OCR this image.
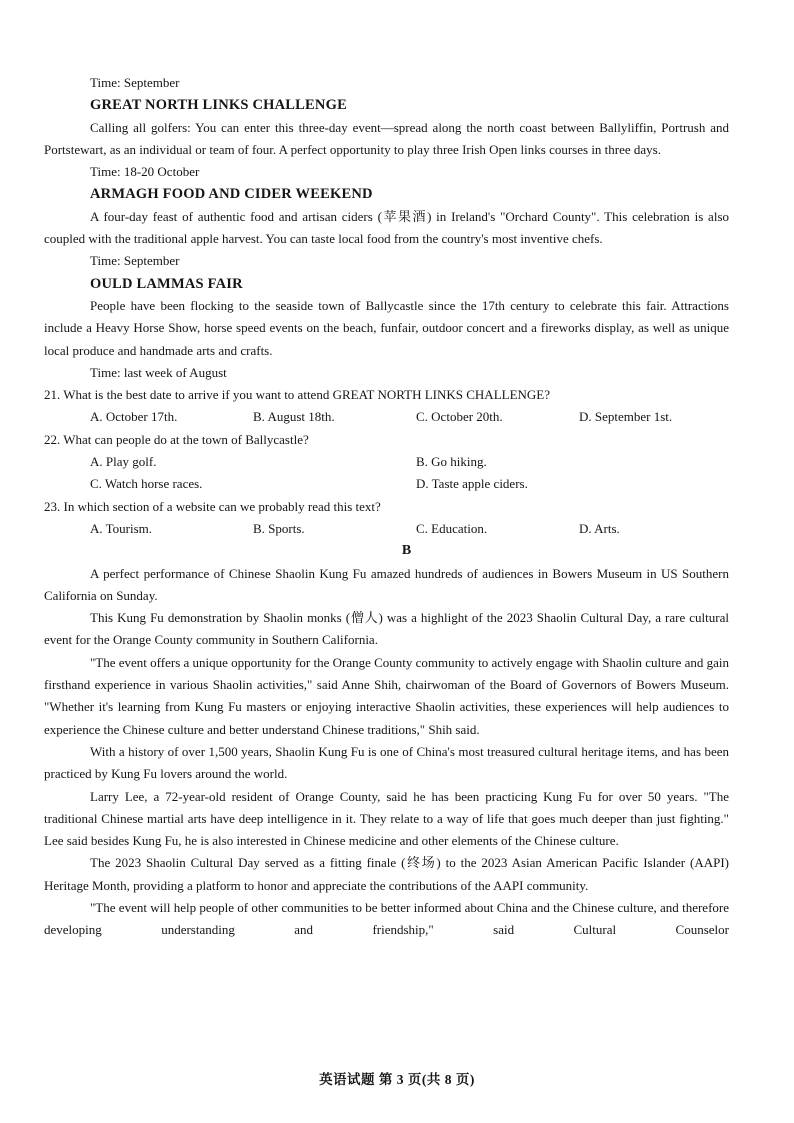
Time: September

GREAT NORTH LINKS CHALLENGE

Calling all golfers: You can enter this three-day event—spread along the north coast between Ballyliffin, Portrush and Portstewart, as an individual or team of four. A perfect opportunity to play three Irish Open links courses in three days.

Time: 18-20 October

ARMAGH FOOD AND CIDER WEEKEND

A four-day feast of authentic food and artisan ciders (苹果酒) in Ireland's "Orchard County". This celebration is also coupled with the traditional apple harvest. You can taste local food from the country's most inventive chefs.

Time: September

OULD LAMMAS FAIR

People have been flocking to the seaside town of Ballycastle since the 17th century to celebrate this fair. Attractions include a Heavy Horse Show, horse speed events on the beach, funfair, outdoor concert and a fireworks display, as well as unique local produce and handmade arts and crafts.

Time: last week of August

21. What is the best date to arrive if you want to attend GREAT NORTH LINKS CHALLENGE?

A. October 17th.	B. August 18th.	C. October 20th.	D. September 1st.

22. What can people do at the town of Ballycastle?

A. Play golf.	B. Go hiking.
C. Watch horse races.	D. Taste apple ciders.

23. In which section of a website can we probably read this text?

A. Tourism.	B. Sports.	C. Education.	D. Arts.

B

A perfect performance of Chinese Shaolin Kung Fu amazed hundreds of audiences in Bowers Museum in US Southern California on Sunday.

This Kung Fu demonstration by Shaolin monks (僧人) was a highlight of the 2023 Shaolin Cultural Day, a rare cultural event for the Orange County community in Southern California.

"The event offers a unique opportunity for the Orange County community to actively engage with Shaolin culture and gain firsthand experience in various Shaolin activities," said Anne Shih, chairwoman of the Board of Governors of Bowers Museum. "Whether it's learning from Kung Fu masters or enjoying interactive Shaolin activities, these experiences will help audiences to experience the Chinese culture and better understand Chinese traditions," Shih said.

With a history of over 1,500 years, Shaolin Kung Fu is one of China's most treasured cultural heritage items, and has been practiced by Kung Fu lovers around the world.

Larry Lee, a 72-year-old resident of Orange County, said he has been practicing Kung Fu for over 50 years. "The traditional Chinese martial arts have deep intelligence in it. They relate to a way of life that goes much deeper than just fighting." Lee said besides Kung Fu, he is also interested in Chinese medicine and other elements of the Chinese culture.

The 2023 Shaolin Cultural Day served as a fitting finale (终场) to the 2023 Asian American Pacific Islander (AAPI) Heritage Month, providing a platform to honor and appreciate the contributions of the AAPI community.

"The event will help people of other communities to be better informed about China and the Chinese culture, and therefore developing understanding and friendship," said Cultural Counselor

英语试题 第 3 页(共 8 页)
